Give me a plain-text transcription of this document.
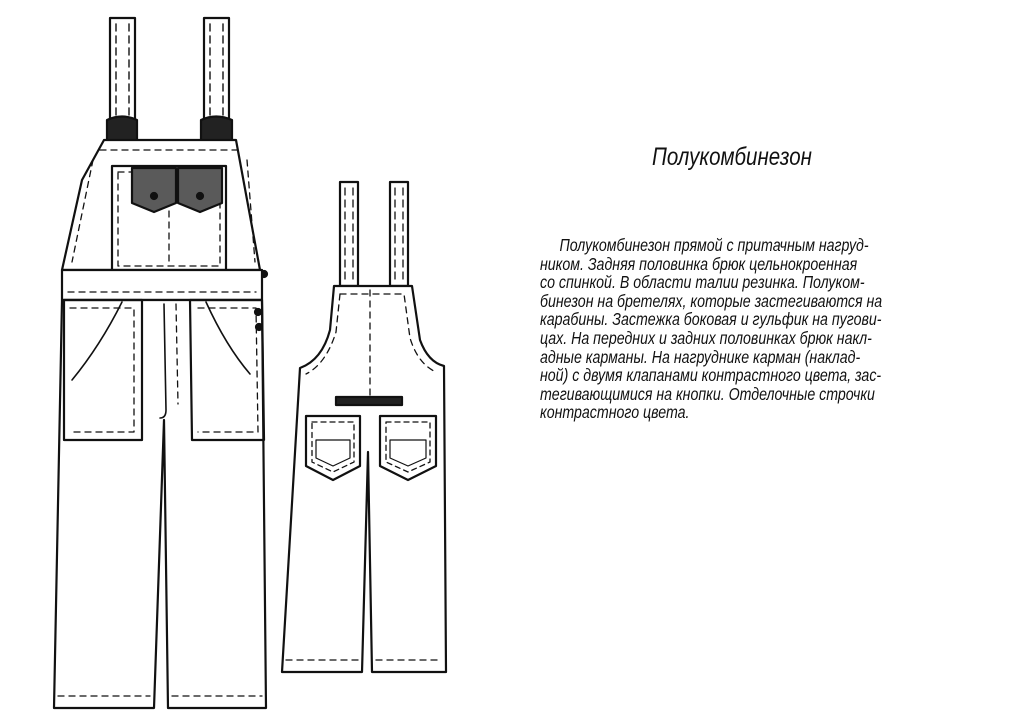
Полукомбинезон
Полукомбинезон прямой с притачным нагруд-
ником. Задняя половинка брюк цельнокроенная
со спинкой. В области талии резинка. Полуком-
бинезон на бретелях, которые застегиваются на
карабины. Застежка боковая и гульфик на пугови-
цах. На передних и задних половинках брюк накл-
адные карманы. На нагруднике карман (наклад-
ной) с двумя клапанами контрастного цвета, зас-
тегивающимися на кнопки. Отделочные строчки
контрастного цвета.
